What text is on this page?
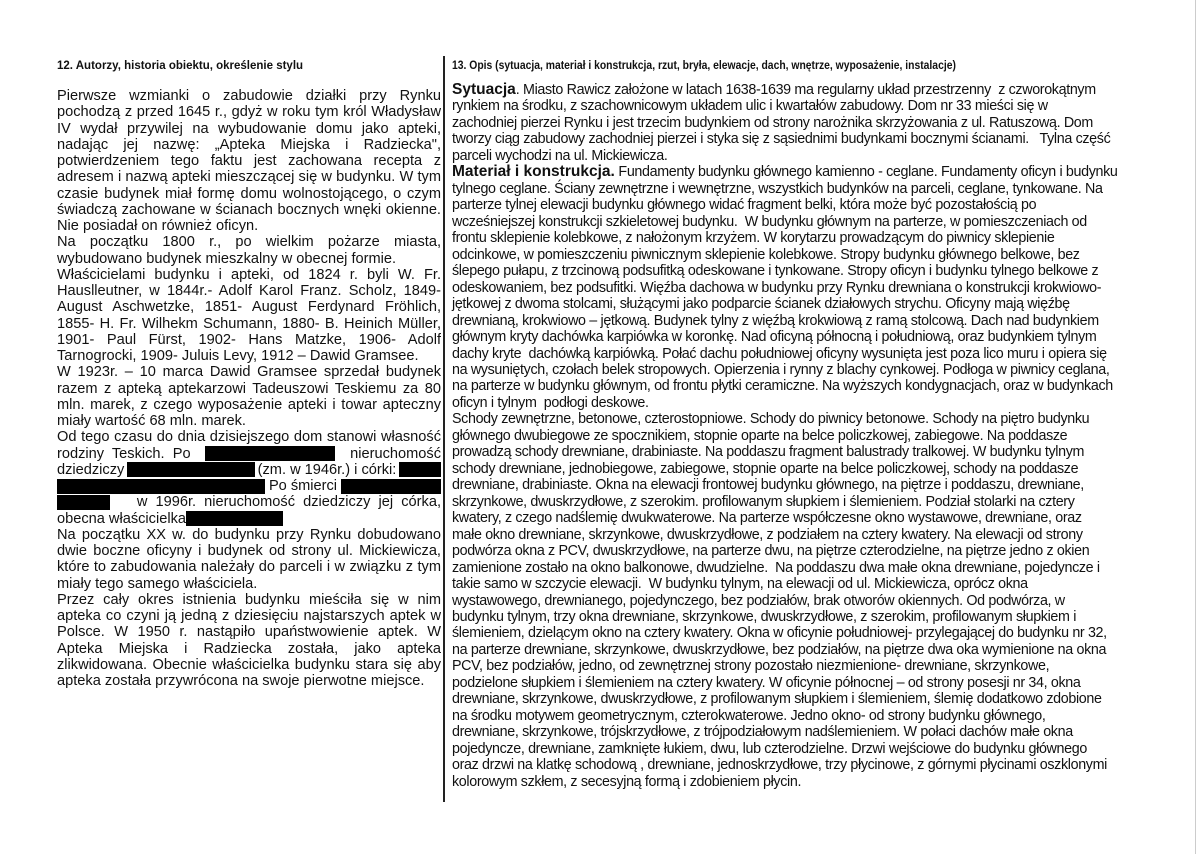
12. Autorzy, historia obiektu, określenie stylu	13. Opis (sytuacja, materiał i konstrukcja, rzut, bryła, elewacje, dach, wnętrze, wyposażenie, instalacje)
Pierwsze wzmianki o zabudowie działki przy Rynku
pochodzą z przed 1645 r., gdyż w roku tym król Władysław
IV wydał przywilej na wybudowanie domu jako apteki,
nadając jej nazwę: „Apteka Miejska i Radziecka",
potwierdzeniem tego faktu jest zachowana recepta z
adresem i nazwą apteki mieszczącej się w budynku. W tym
czasie budynek miał formę domu wolnostojącego, o czym
świadczą zachowane w ścianach bocznych wnęki okienne.
Nie posiadał on również oficyn.
Na początku 1800 r., po wielkim pożarze miasta,
wybudowano budynek mieszkalny w obecnej formie.
Właścicielami budynku i apteki, od 1824 r. byli W. Fr.
Hauslleutner, w 1844r.- Adolf Karol Franz. Scholz, 1849-
August Aschwetzke, 1851- August Ferdynard Fröhlich,
1855- H. Fr. Wilhekm Schumann, 1880- B. Heinich Müller,
1901- Paul Fürst, 1902- Hans Matzke, 1906- Adolf
Tarnogrocki, 1909- Juluis Levy, 1912 – Dawid Gramsee.
W 1923r. – 10 marca Dawid Gramsee sprzedał budynek
razem z apteką aptekarzowi Tadeuszowi Teskiemu za 80
mln. marek, z czego wyposażenie apteki i towar apteczny
miały wartość 68 mln. marek.
Od tego czasu do dnia dzisiejszego dom stanowi własność
rodziny  Teskich.  Po	nieruchomość
dziedziczy	(zm. w 1946r.) i córki:
Po śmierci
w  1996r.  nieruchomość  dziedziczy  jej  córka,
obecna właścicielka
Na początku XX w. do budynku przy Rynku dobudowano
dwie boczne oficyny i budynek od strony ul. Mickiewicza,
które to zabudowania należały do parceli i w związku z tym
miały tego samego właściciela.
Przez cały okres istnienia budynku mieściła się w nim
apteka co czyni ją jedną z dziesięciu najstarszych aptek w
Polsce. W 1950 r. nastąpiło upaństwowienie aptek. W
Apteka Miejska i Radziecka została, jako apteka
zlikwidowana. Obecnie właścicielka budynku stara się aby
apteka została przywrócona na swoje pierwotne miejsce.
Sytuacja. Miasto Rawicz założone w latach 1638-1639 ma regularny układ przestrzenny  z czworokątnym
rynkiem na środku, z szachownicowym układem ulic i kwartałów zabudowy. Dom nr 33 mieści się w
zachodniej pierzei Rynku i jest trzecim budynkiem od strony narożnika skrzyżowania z ul. Ratuszową. Dom
tworzy ciąg zabudowy zachodniej pierzei i styka się z sąsiednimi budynkami bocznymi ścianami.   Tylna część
parceli wychodzi na ul. Mickiewicza.
Materiał i konstrukcja. Fundamenty budynku głównego kamienno - ceglane. Fundamenty oficyn i budynku
tylnego ceglane. Ściany zewnętrzne i wewnętrzne, wszystkich budynków na parceli, ceglane, tynkowane. Na
parterze tylnej elewacji budynku głównego widać fragment belki, która może być pozostałością po
wcześniejszej konstrukcji szkieletowej budynku.  W budynku głównym na parterze, w pomieszczeniach od
frontu sklepienie kolebkowe, z nałożonym krzyżem. W korytarzu prowadzącym do piwnicy sklepienie
odcinkowe, w pomieszczeniu piwnicznym sklepienie kolebkowe. Stropy budynku głównego belkowe, bez
ślepego pułapu, z trzcinową podsufitką odeskowane i tynkowane. Stropy oficyn i budynku tylnego belkowe z
odeskowaniem, bez podsufitki. Więźba dachowa w budynku przy Rynku drewniana o konstrukcji krokwiowo-
jętkowej z dwoma stolcami, służącymi jako podparcie ścianek działowych strychu. Oficyny mają więźbę
drewnianą, krokwiowo – jętkową. Budynek tylny z więźbą krokwiową z ramą stolcową. Dach nad budynkiem
głównym kryty dachówka karpiówka w koronkę. Nad oficyną północną i południową, oraz budynkiem tylnym
dachy kryte  dachówką karpiówką. Połać dachu południowej oficyny wysunięta jest poza lico muru i opiera się
na wysuniętych, czołach belek stropowych. Opierzenia i rynny z blachy cynkowej. Podłoga w piwnicy ceglana,
na parterze w budynku głównym, od frontu płytki ceramiczne. Na wyższych kondygnacjach, oraz w budynkach
oficyn i tylnym  podłogi deskowe.
Schody zewnętrzne, betonowe, czterostopniowe. Schody do piwnicy betonowe. Schody na piętro budynku
głównego dwubiegowe ze spocznikiem, stopnie oparte na belce policzkowej, zabiegowe. Na poddasze
prowadzą schody drewniane, drabiniaste. Na poddaszu fragment balustrady tralkowej. W budynku tylnym
schody drewniane, jednobiegowe, zabiegowe, stopnie oparte na belce policzkowej, schody na poddasze
drewniane, drabiniaste. Okna na elewacji frontowej budynku głównego, na piętrze i poddaszu, drewniane,
skrzynkowe, dwuskrzydłowe, z szerokim. profilowanym słupkiem i ślemieniem. Podział stolarki na cztery
kwatery, z czego nadślemię dwukwaterowe. Na parterze współczesne okno wystawowe, drewniane, oraz
małe okno drewniane, skrzynkowe, dwuskrzydłowe, z podziałem na cztery kwatery. Na elewacji od strony
podwórza okna z PCV, dwuskrzydłowe, na parterze dwu, na piętrze czterodzielne, na piętrze jedno z okien
zamienione zostało na okno balkonowe, dwudzielne.  Na poddaszu dwa małe okna drewniane, pojedyncze i
takie samo w szczycie elewacji.  W budynku tylnym, na elewacji od ul. Mickiewicza, oprócz okna
wystawowego, drewnianego, pojedynczego, bez podziałów, brak otworów okiennych. Od podwórza, w
budynku tylnym, trzy okna drewniane, skrzynkowe, dwuskrzydłowe, z szerokim, profilowanym słupkiem i
ślemieniem, dzielącym okno na cztery kwatery. Okna w oficynie południowej- przylegającej do budynku nr 32,
na parterze drewniane, skrzynkowe, dwuskrzydłowe, bez podziałów, na piętrze dwa oka wymienione na okna
PCV, bez podziałów, jedno, od zewnętrznej strony pozostało niezmienione- drewniane, skrzynkowe,
podzielone słupkiem i ślemieniem na cztery kwatery. W oficynie północnej – od strony posesji nr 34, okna
drewniane, skrzynkowe, dwuskrzydłowe, z profilowanym słupkiem i ślemieniem, ślemię dodatkowo zdobione
na środku motywem geometrycznym, czterokwaterowe. Jedno okno- od strony budynku głównego,
drewniane, skrzynkowe, trójskrzydłowe, z trójpodziałowym nadślemieniem. W połaci dachów małe okna
pojedyncze, drewniane, zamknięte łukiem, dwu, lub czterodzielne. Drzwi wejściowe do budynku głównego
oraz drzwi na klatkę schodową , drewniane, jednoskrzydłowe, trzy płycinowe, z górnymi płycinami oszklonymi
kolorowym szkłem, z secesyjną formą i zdobieniem płycin.
